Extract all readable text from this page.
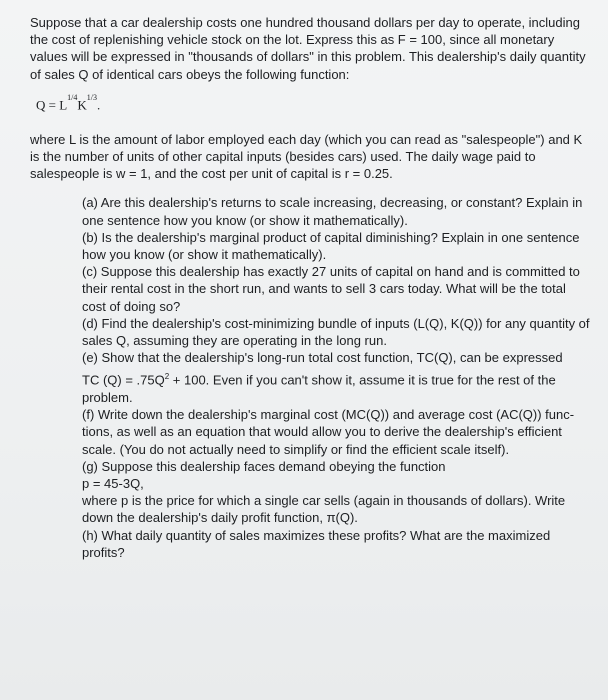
Suppose that a car dealership costs one hundred thousand dollars per day to operate, including the cost of replenishing vehicle stock on the lot. Express this as F = 100, since all monetary values will be expressed in "thousands of dollars" in this problem. This dealership's daily quantity of sales Q of identical cars obeys the following function:

$Q = L^{1/4}K^{1/3}$.

where L is the amount of labor employed each day (which you can read as "salespeople") and K is the number of units of other capital inputs (besides cars) used. The daily wage paid to salespeople is w = 1, and the cost per unit of capital is r = 0.25.

(a) Are this dealership's returns to scale increasing, decreasing, or constant? Explain in one sentence how you know (or show it mathematically).

(b) Is the dealership's marginal product of capital diminishing? Explain in one sentence how you know (or show it mathematically).

(c) Suppose this dealership has exactly 27 units of capital on hand and is committed to their rental cost in the short run, and wants to sell 3 cars today. What will be the total cost of doing so?

(d) Find the dealership's cost-minimizing bundle of inputs (L(Q), K(Q)) for any quantity of sales Q, assuming they are operating in the long run.

(e) Show that the dealership's long-run total cost function, TC(Q), can be expressed

TC $(Q) = .75Q^2 + 100$. Even if you can't show it, assume it is true for the rest of the problem.

(f) Write down the dealership's marginal cost (MC(Q)) and average cost (AC(Q)) func- tions, as well as an equation that would allow you to derive the dealership's efficient scale. (You do not actually need to simplify or find the efficient scale itself).

(g) Suppose this dealership faces demand obeying the function

p = 45-3Q,

where p is the price for which a single car sells (again in thousands of dollars). Write down the dealership's daily profit function, π(Q).

(h) What daily quantity of sales maximizes these profits? What are the maximized profits?
